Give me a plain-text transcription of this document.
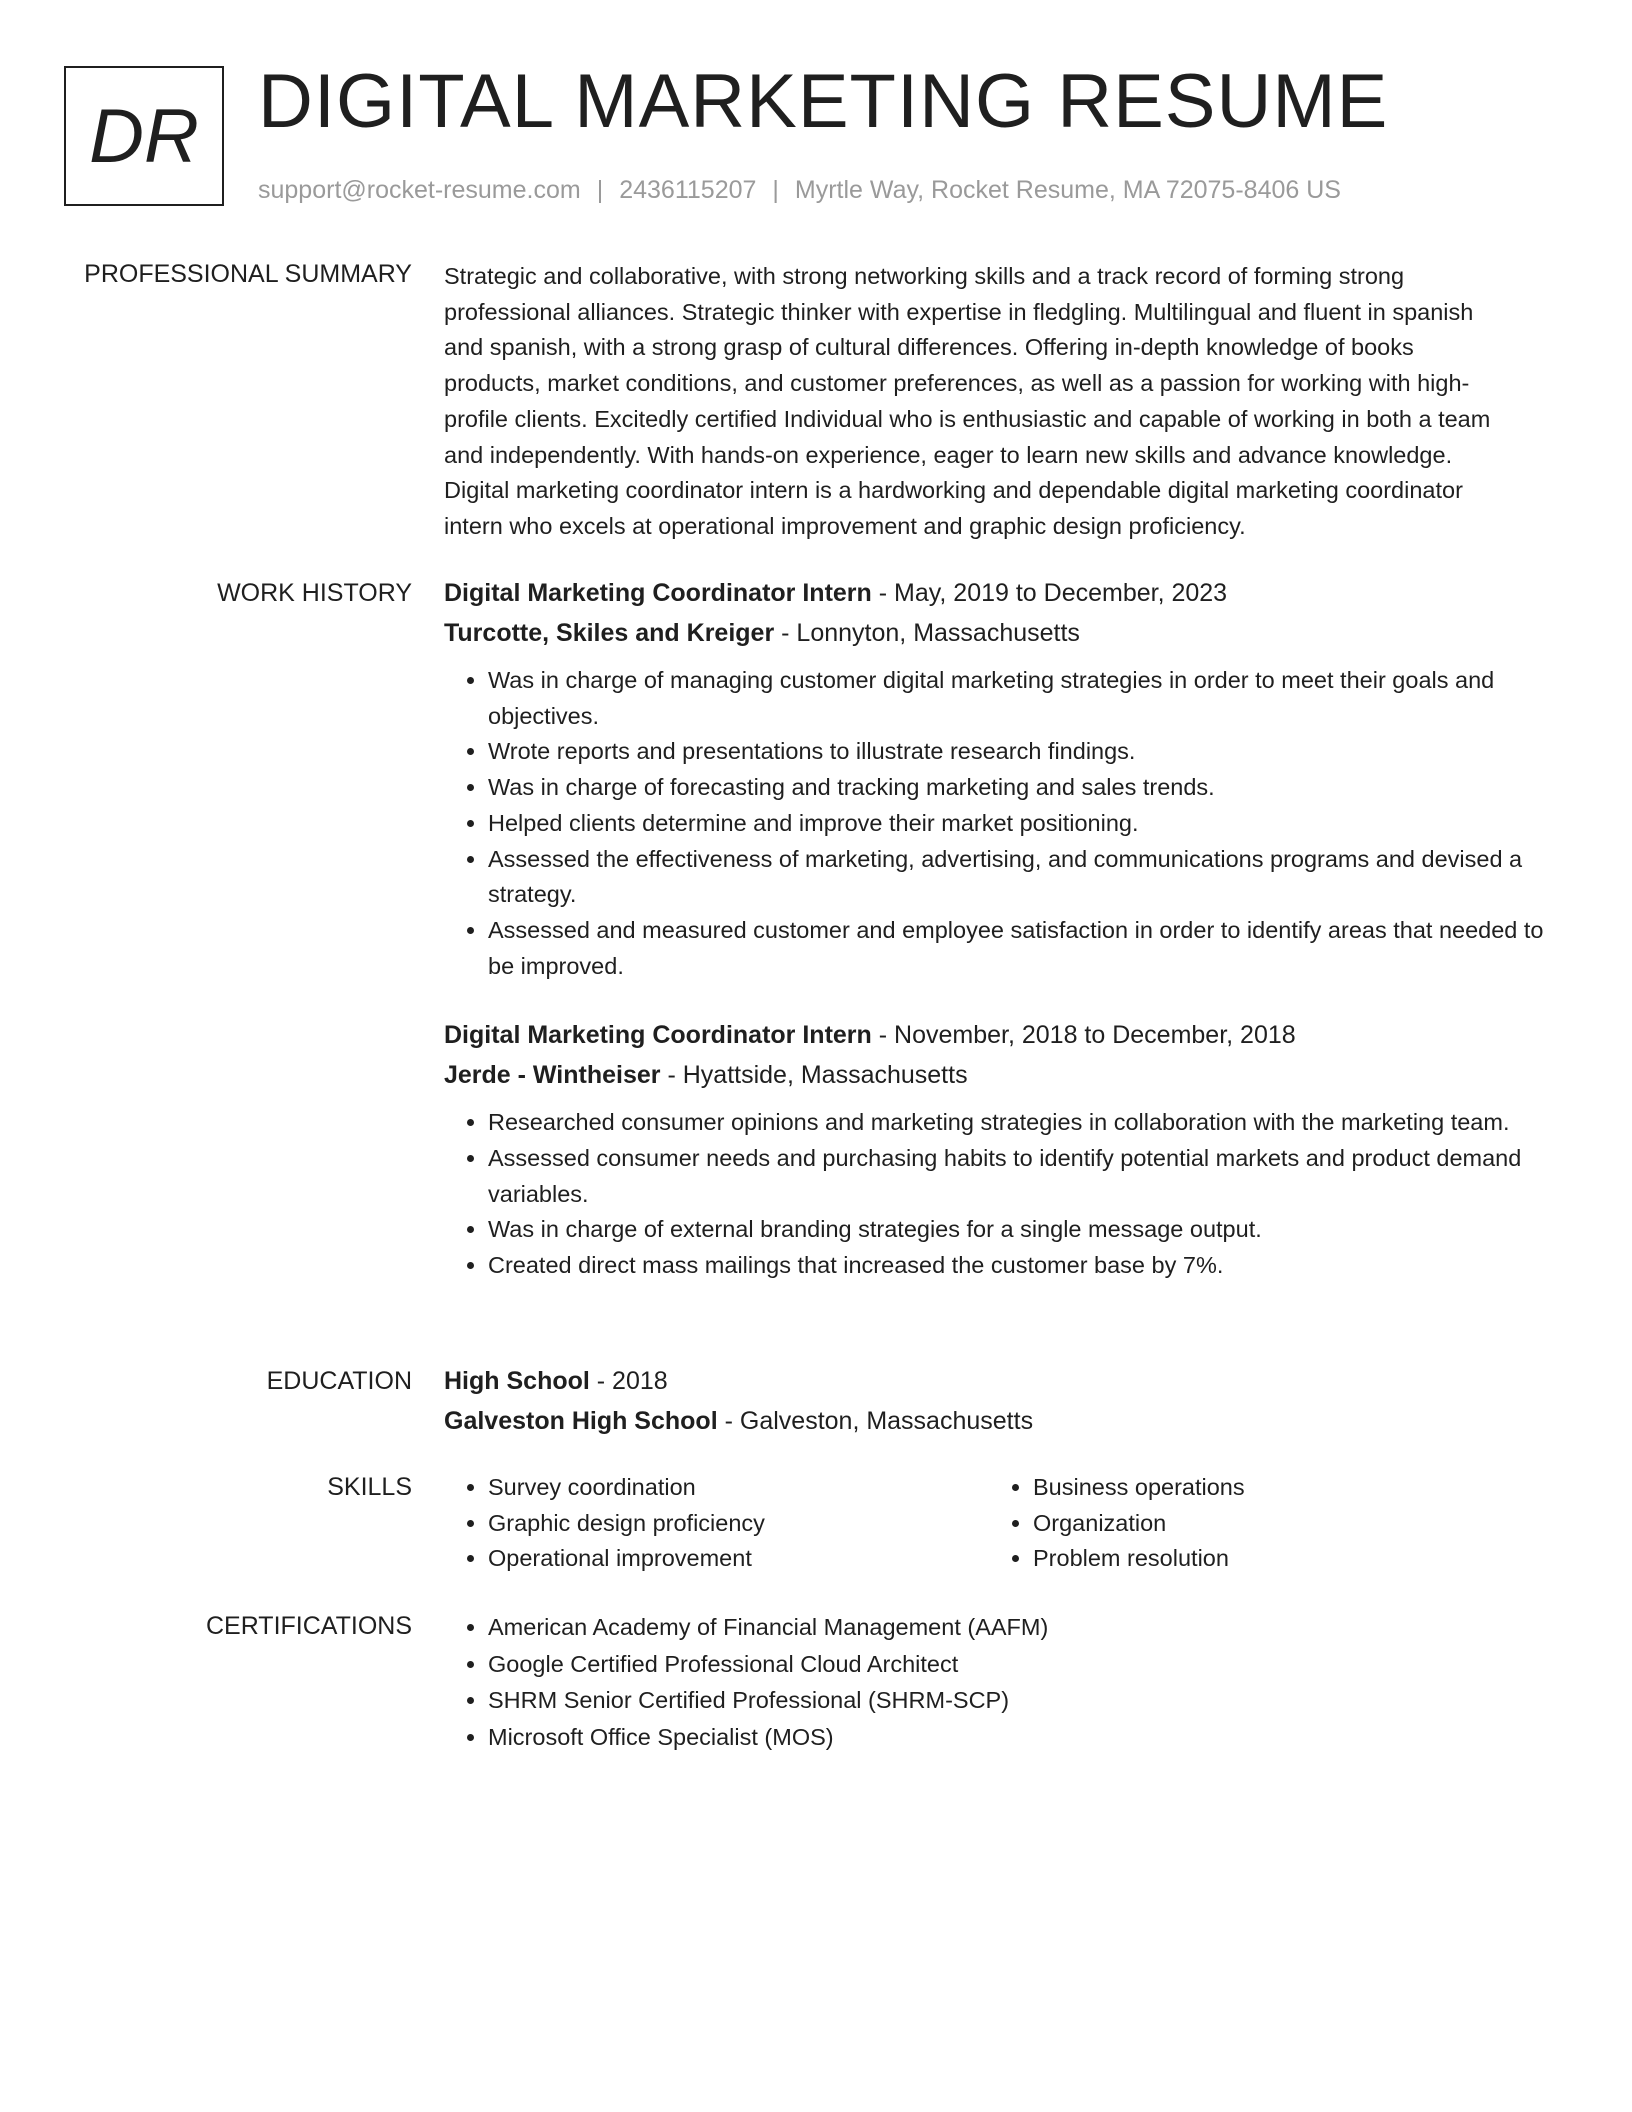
DR DIGITAL MARKETING RESUME
support@rocket-resume.com | 2436115207 | Myrtle Way, Rocket Resume, MA 72075-8406 US
PROFESSIONAL SUMMARY Strategic and collaborative, with strong networking skills and a track record of forming strong
professional alliances. Strategic thinker with expertise in fledgling. Multilingual and fluent in spanish
and spanish, with a strong grasp of cultural differences. Offering in-depth knowledge of books
products, market conditions, and customer preferences, as well as a passion for working with high-
profile clients. Excitedly certified Individual who is enthusiastic and capable of working in both a team
and independently. With hands-on experience, eager to learn new skills and advance knowledge.
Digital marketing coordinator intern is a hardworking and dependable digital marketing coordinator
intern who excels at operational improvement and graphic design proficiency.

WORK HISTORY Digital Marketing Coordinator Intern - May, 2019 to December, 2023
Turcotte, Skiles and Kreiger - Lonnyton, Massachusetts
• Was in charge of managing customer digital marketing strategies in order to meet their goals and objectives.
• Wrote reports and presentations to illustrate research findings.
• Was in charge of forecasting and tracking marketing and sales trends.
• Helped clients determine and improve their market positioning.
• Assessed the effectiveness of marketing, advertising, and communications programs and devised a strategy.
• Assessed and measured customer and employee satisfaction in order to identify areas that needed to be improved.
Digital Marketing Coordinator Intern - November, 2018 to December, 2018
Jerde - Wintheiser - Hyattside, Massachusetts
• Researched consumer opinions and marketing strategies in collaboration with the marketing team.
• Assessed consumer needs and purchasing habits to identify potential markets and product demand variables.
• Was in charge of external branding strategies for a single message output.
• Created direct mass mailings that increased the customer base by 7%.
EDUCATION High School - 2018
Galveston High School - Galveston, Massachusetts
SKILLS	• Survey coordination
• Graphic design proficiency
• Operational improvement
• Business operations
• Organization
• Problem resolution
CERTIFICATIONS	• American Academy of Financial Management (AAFM)
• Google Certified Professional Cloud Architect
• SHRM Senior Certified Professional (SHRM-SCP)
• Microsoft Office Specialist (MOS)
